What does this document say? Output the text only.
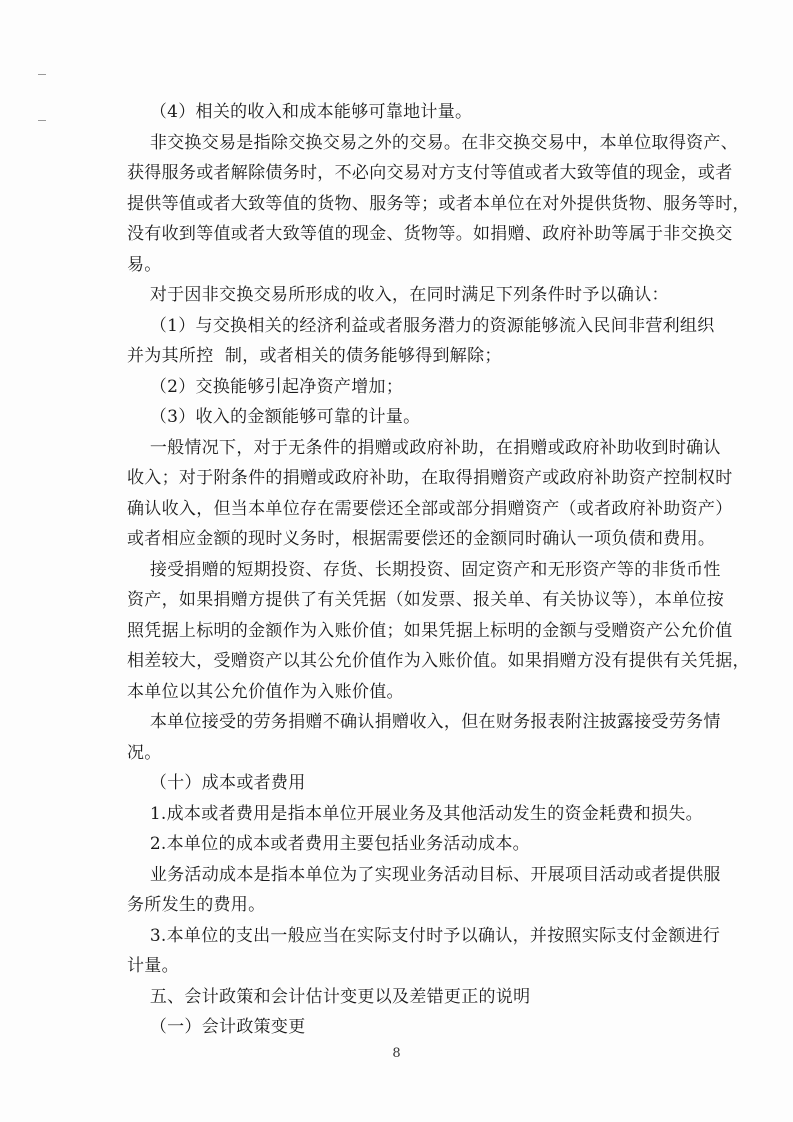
（4）相关的收入和成本能够可靠地计量。
非交换交易是指除交换交易之外的交易。在非交换交易中，本单位取得资产、
获得服务或者解除债务时，不必向交易对方支付等值或者大致等值的现金，或者
提供等值或者大致等值的货物、服务等；或者本单位在对外提供货物、服务等时，
没有收到等值或者大致等值的现金、货物等。如捐赠、政府补助等属于非交换交
易。
对于因非交换交易所形成的收入，在同时满足下列条件时予以确认：
（1）与交换相关的经济利益或者服务潜力的资源能够流入民间非营利组织
并为其所控  制，或者相关的债务能够得到解除；
（2）交换能够引起净资产增加；
（3）收入的金额能够可靠的计量。
一般情况下，对于无条件的捐赠或政府补助，在捐赠或政府补助收到时确认
收入；对于附条件的捐赠或政府补助，在取得捐赠资产或政府补助资产控制权时
确认收入，但当本单位存在需要偿还全部或部分捐赠资产（或者政府补助资产）
或者相应金额的现时义务时，根据需要偿还的金额同时确认一项负债和费用。
接受捐赠的短期投资、存货、长期投资、固定资产和无形资产等的非货币性
资产，如果捐赠方提供了有关凭据（如发票、报关单、有关协议等），本单位按
照凭据上标明的金额作为入账价值；如果凭据上标明的金额与受赠资产公允价值
相差较大，受赠资产以其公允价值作为入账价值。如果捐赠方没有提供有关凭据，
本单位以其公允价值作为入账价值。
本单位接受的劳务捐赠不确认捐赠收入，但在财务报表附注披露接受劳务情
况。
（十）成本或者费用
1.成本或者费用是指本单位开展业务及其他活动发生的资金耗费和损失。
2.本单位的成本或者费用主要包括业务活动成本。
业务活动成本是指本单位为了实现业务活动目标、开展项目活动或者提供服
务所发生的费用。
3.本单位的支出一般应当在实际支付时予以确认，并按照实际支付金额进行
计量。
五、会计政策和会计估计变更以及差错更正的说明
（一）会计政策变更
8
